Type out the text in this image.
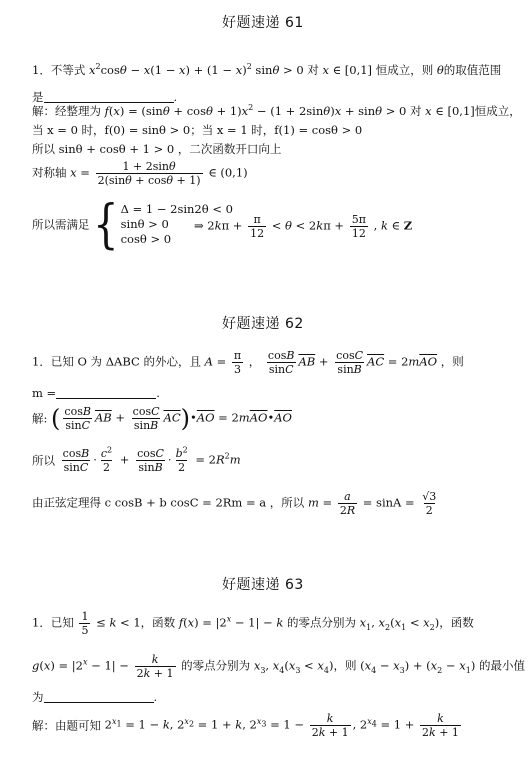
好题速递 61
1．不等式 $x^2\cos\theta - x(1 - x) + (1 - x)^2$ sinθ > 0 对 x ∈ [0,1] 恒成立，则 θ的取值范围
是	.
解：经整理为 $f(x) = (\sin\theta + \cos\theta + 1)x^2 - (1 + 2\sin\theta)x + \sin\theta > 0$ 对 x ∈ [0,1]恒成立，
当 x = 0 时，f(0) = sinθ > 0；当 x = 1 时，f(1) = cosθ > 0
所以 sinθ + cosθ + 1 > 0 ，二次函数开口向上
对称轴 $x = \frac{1 + 2\sin\theta}{2(\sin\theta + \cos\theta + 1)}$ ∈ (0,1)
所以需满足 { Δ = 1 − 2sin2θ < 0
sinθ > 0
cosθ > 0
⇒ $2k\pi + \frac{\pi}{12} < \theta < 2k\pi + \frac{5\pi}{12}$ , k ∈ Z
好题速递 62
1．已知 O 为 ΔABC 的外心，且 $A = \frac{\pi}{3}$ ， $\frac{\cos B}{\sin C} \overline{AB} + \frac{\cos C}{\sin B} \overline{AC} = 2m\overline{AO}$ ，则
m =	.
解: ( $\frac{\cos B}{\sin C} \overline{AB} + \frac{\cos C}{\sin B}$ $\overline{AC})•\overline{AO}$ = $2m\overline{AO}•\overline{AO}$
所以 $\frac{\cos B}{\sin C} \cdot \frac{c^2}{2} + \frac{\cos C}{\sin B} \cdot \frac{b^2}{2} = 2R^2m$
由正弦定理得 c cosB + b cosC = 2Rm = a ，所以 $m = \frac{a}{2R} = \sin A = \frac{√3}{2}$
好题速递 63
1．已知 $\frac{1}{5} \le k < 1$，函数 $f(x) = |2^x - 1| - k$ 的零点分别为 $x_1$, $x_2(x_1 < x_2)$，函数
$g(x) = |2^x - 1| - \frac{k}{2k + 1}$ 的零点分别为 $x_3$, $x_4(x_3 < x_4)$，则 $(x_4 - x_3) + (x_2 - x_1)$ 的最小值
为	.
解：由题可知 $2^{x_1} = 1 - k$, $2^{x_2} = 1 + k$, $2^{x_3} = 1 - \frac{k}{2k + 1}$ , $2^{x_4} = 1 + \frac{k}{2k + 1}$
